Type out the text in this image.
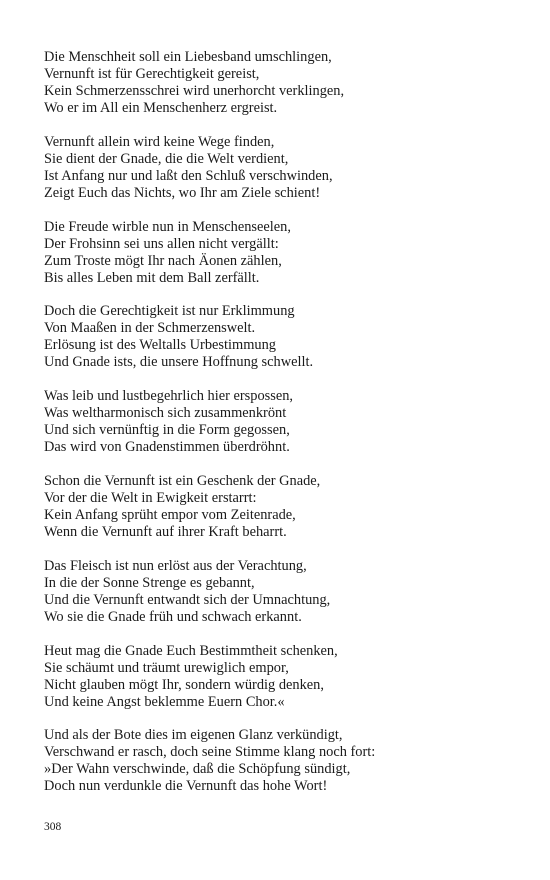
Die Menschheit soll ein Liebesband umschlingen,
Vernunft ist für Gerechtigkeit gereist,
Kein Schmerzensschrei wird unerhorcht verklingen,
Wo er im All ein Menschenherz ergreist.
Vernunft allein wird keine Wege finden,
Sie dient der Gnade, die die Welt verdient,
Ist Anfang nur und laßt den Schluß verschwinden,
Zeigt Euch das Nichts, wo Ihr am Ziele schient!
Die Freude wirble nun in Menschenseelen,
Der Frohsinn sei uns allen nicht vergällt:
Zum Troste mögt Ihr nach Äonen zählen,
Bis alles Leben mit dem Ball zerfällt.
Doch die Gerechtigkeit ist nur Erklimmung
Von Maaßen in der Schmerzenswelt.
Erlösung ist des Weltalls Urbestimmung
Und Gnade ists, die unsere Hoffnung schwellt.
Was leib und lustbegehrlich hier erspossen,
Was weltharmonisch sich zusammenkrönt
Und sich vernünftig in die Form gegossen,
Das wird von Gnadenstimmen überdröhnt.
Schon die Vernunft ist ein Geschenk der Gnade,
Vor der die Welt in Ewigkeit erstarrt:
Kein Anfang sprüht empor vom Zeitenrade,
Wenn die Vernunft auf ihrer Kraft beharrt.
Das Fleisch ist nun erlöst aus der Verachtung,
In die der Sonne Strenge es gebannt,
Und die Vernunft entwandt sich der Umnachtung,
Wo sie die Gnade früh und schwach erkannt.
Heut mag die Gnade Euch Bestimmtheit schenken,
Sie schäumt und träumt urewiglich empor,
Nicht glauben mögt Ihr, sondern würdig denken,
Und keine Angst beklemme Euern Chor.«
Und als der Bote dies im eigenen Glanz verkündigt,
Verschwand er rasch, doch seine Stimme klang noch fort:
»Der Wahn verschwinde, daß die Schöpfung sündigt,
Doch nun verdunkle die Vernunft das hohe Wort!
308
